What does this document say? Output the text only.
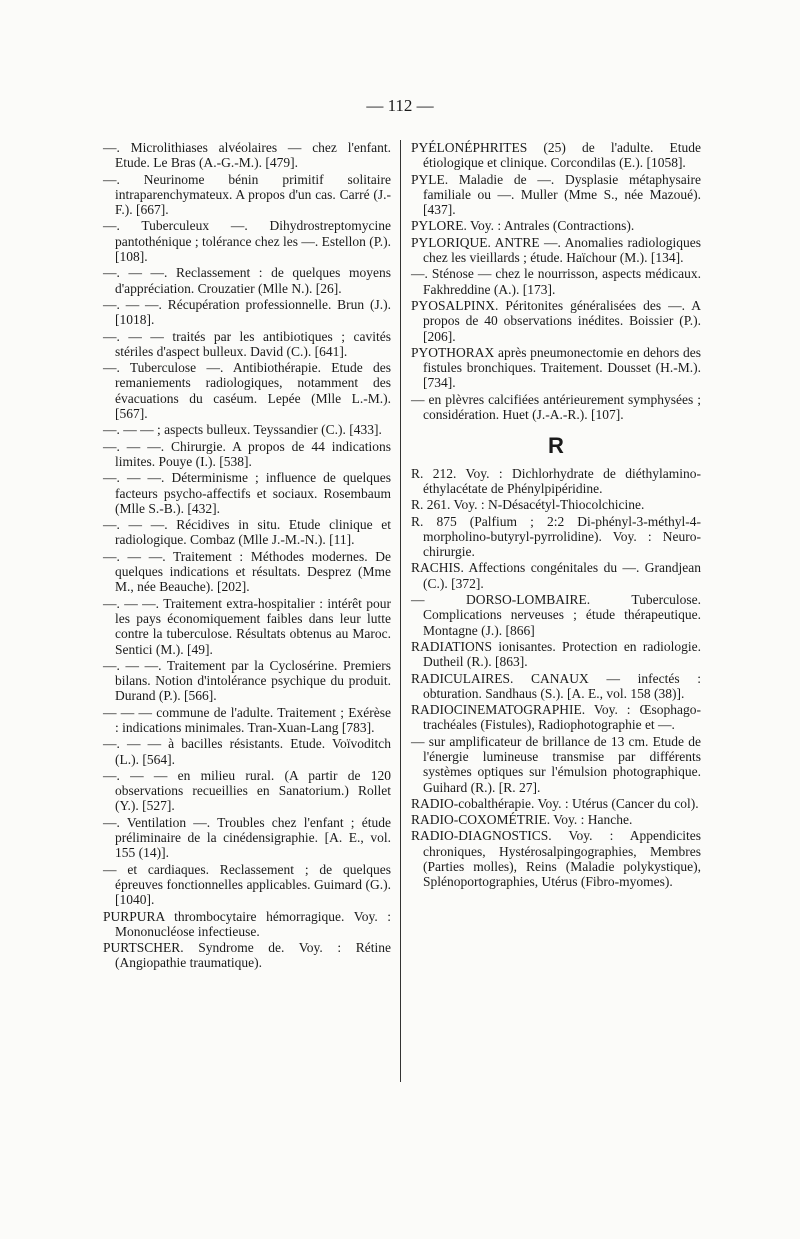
— 112 —

—. Microlithiases alvéolaires — chez l'enfant. Etude. Le Bras (A.-G.-M.). [479].

—. Neurinome bénin primitif solitaire intraparenchymateux. A propos d'un cas. Carré (J.-F.). [667].

—. Tuberculeux —. Dihydrostreptomycine pantothénique ; tolérance chez les —. Estellon (P.). [108].

—. — —. Reclassement : de quelques moyens d'appréciation. Crouzatier (Mlle N.). [26].

—. — —. Récupération professionnelle. Brun (J.). [1018].

—. — — traités par les antibiotiques ; cavités stériles d'aspect bulleux. David (C.). [641].

—. Tuberculose —. Antibiothérapie. Etude des remaniements radiologiques, notamment des évacuations du caséum. Lepée (Mlle L.-M.). [567].

—. — — ; aspects bulleux. Teyssandier (C.). [433].

—. — —. Chirurgie. A propos de 44 indications limites. Pouye (I.). [538].

—. — —. Déterminisme ; influence de quelques facteurs psycho-affectifs et sociaux. Rosembaum (Mlle S.-B.). [432].

—. — —. Récidives in situ. Etude clinique et radiologique. Combaz (Mlle J.-M.-N.). [11].

—. — —. Traitement : Méthodes modernes. De quelques indications et résultats. Desprez (Mme M., née Beauche). [202].

—. — —. Traitement extra-hospitalier : intérêt pour les pays économiquement faibles dans leur lutte contre la tuberculose. Résultats obtenus au Maroc. Sentici (M.). [49].

—. — —. Traitement par la Cyclosérine. Premiers bilans. Notion d'intolérance psychique du produit. Durand (P.). [566].

— — — commune de l'adulte. Traitement ; Exérèse : indications minimales. Tran-Xuan-Lang [783].

—. — — à bacilles résistants. Etude. Voïvoditch (L.). [564].

—. — — en milieu rural. (A partir de 120 observations recueillies en Sanatorium.) Rollet (Y.). [527].

—. Ventilation —. Troubles chez l'enfant ; étude préliminaire de la cinédensigraphie. [A. E., vol. 155 (14)].

— et cardiaques. Reclassement ; de quelques épreuves fonctionnelles applicables. Guimard (G.). [1040].

PURPURA thrombocytaire hémorragique. Voy. : Mononucléose infectieuse.

PURTSCHER. Syndrome de. Voy. : Rétine (Angiopathie traumatique).

PYÉLONÉPHRITES (25) de l'adulte. Etude étiologique et clinique. Corcondilas (E.). [1058].

PYLE. Maladie de —. Dysplasie métaphysaire familiale ou —. Muller (Mme S., née Mazoué). [437].

PYLORE. Voy. : Antrales (Contractions).

PYLORIQUE. ANTRE —. Anomalies radiologiques chez les vieillards ; étude. Haïchour (M.). [134].

—. Sténose — chez le nourrisson, aspects médicaux. Fakhreddine (A.). [173].

PYOSALPINX. Péritonites généralisées des —. A propos de 40 observations inédites. Boissier (P.). [206].

PYOTHORAX après pneumonectomie en dehors des fistules bronchiques. Traitement. Dousset (H.-M.). [734].

— en plèvres calcifiées antérieurement symphysées ; considération. Huet (J.-A.-R.). [107].

R

R. 212. Voy. : Dichlorhydrate de diéthylamino-éthylacétate de Phénylpipéridine.

R. 261. Voy. : N-Désacétyl-Thiocolchicine.

R. 875 (Palfium ; 2:2 Di-phényl-3-méthyl-4-morpholino-butyryl-pyrrolidine). Voy. : Neuro-chirurgie.

RACHIS. Affections congénitales du —. Grandjean (C.). [372].

— DORSO-LOMBAIRE. Tuberculose. Complications nerveuses ; étude thérapeutique. Montagne (J.). [866]

RADIATIONS ionisantes. Protection en radiologie. Dutheil (R.). [863].

RADICULAIRES. CANAUX — infectés : obturation. Sandhaus (S.). [A. E., vol. 158 (38)].

RADIOCINEMATOGRAPHIE. Voy. : Œsophago-trachéales (Fistules), Radiophotographie et —.

— sur amplificateur de brillance de 13 cm. Etude de l'énergie lumineuse transmise par différents systèmes optiques sur l'émulsion photographique. Guihard (R.). [R. 27].

RADIO-cobalthérapie. Voy. : Utérus (Cancer du col).

RADIO-COXOMÉTRIE. Voy. : Hanche.

RADIO-DIAGNOSTICS. Voy. : Appendicites chroniques, Hystérosalpingographies, Membres (Parties molles), Reins (Maladie polykystique), Splénoportographies, Utérus (Fibro-myomes).
